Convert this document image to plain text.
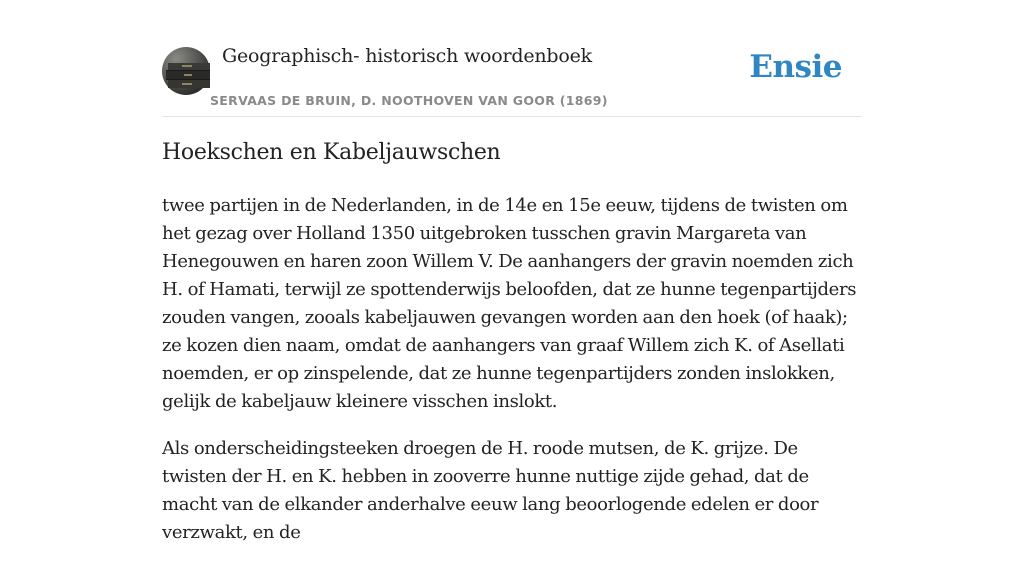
Geographisch- historisch woordenboek
SERVAAS DE BRUIN, D. NOOTHOVEN VAN GOOR (1869)
Ensie
Hoekschen en Kabeljauwschen

twee partijen in de Nederlanden, in de 14e en 15e eeuw, tijdens de twisten om het gezag over Holland 1350 uitgebroken tusschen gravin Margareta van Henegouwen en haren zoon Willem V. De aanhangers der gravin noemden zich H. of Hamati, terwijl ze spottenderwijs beloofden, dat ze hunne tegenpartijders zouden vangen, zooals kabeljauwen gevangen worden aan den hoek (of haak); ze kozen dien naam, omdat de aanhangers van graaf Willem zich K. of Asellati noemden, er op zinspelende, dat ze hunne tegenpartijders zonden inslokken, gelijk de kabeljauw kleinere visschen inslokt.

Als onderscheidingsteeken droegen de H. roode mutsen, de K. grijze. De twisten der H. en K. hebben in zooverre hunne nuttige zijde gehad, dat de macht van de elkander anderhalve eeuw lang beoorlogende edelen er door verzwakt, en de
